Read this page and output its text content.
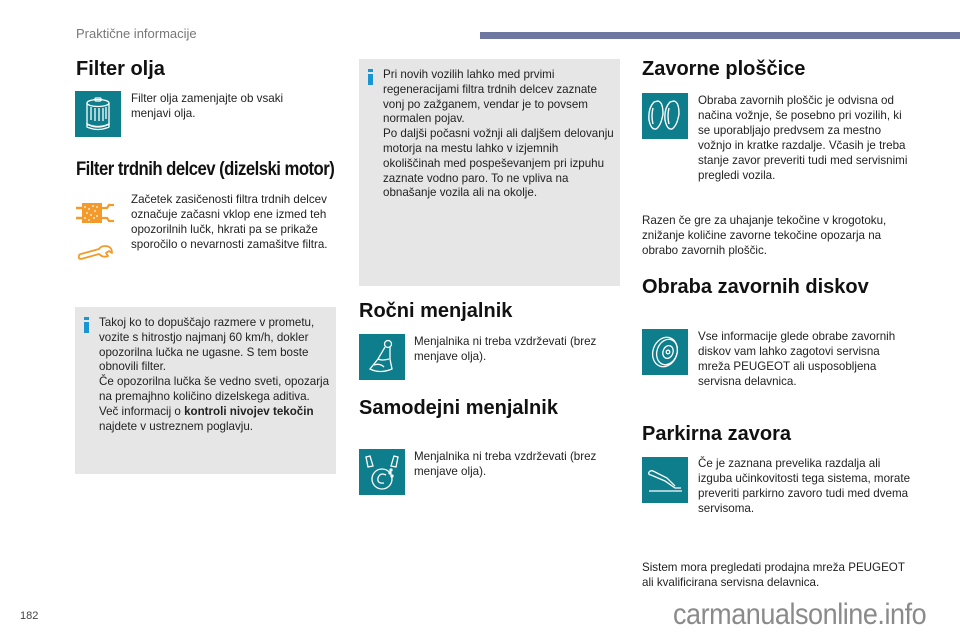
Praktične informacije
Filter olja
Filter olja zamenjajte ob vsaki menjavi olja.
Filter trdnih delcev (dizelski motor)
Začetek zasičenosti filtra trdnih delcev označuje začasni vklop ene izmed teh opozorilnih lučk, hkrati pa se prikaže sporočilo o nevarnosti zamašitve filtra.

Takoj ko to dopuščajo razmere v prometu, vozite s hitrostjo najmanj 60 km/h, dokler opozorilna lučka ne ugasne. S tem boste obnovili filter.

Če opozorilna lučka še vedno sveti, opozarja na premajhno količino dizelskega aditiva.

Več informacij o kontroli nivojev tekočin najdete v ustreznem poglavju.

Pri novih vozilih lahko med prvimi regeneracijami filtra trdnih delcev zaznate vonj po zažganem, vendar je to povsem normalen pojav.

Po daljši počasni vožnji ali daljšem delovanju motorja na mestu lahko v izjemnih okoliščinah med pospeševanjem pri izpuhu zaznate vodno paro. To ne vpliva na obnašanje vozila ali na okolje.

Ročni menjalnik
Menjalnika ni treba vzdrževati (brez menjave olja).
Samodejni menjalnik
Menjalnika ni treba vzdrževati (brez menjave olja).
Zavorne ploščice
Obraba zavornih ploščic je odvisna od načina vožnje, še posebno pri vozilih, ki se uporabljajo predvsem za mestno vožnjo in kratke razdalje. Včasih je treba stanje zavor preveriti tudi med servisnimi pregledi vozila.
Razen če gre za uhajanje tekočine v krogotoku, znižanje količine zavorne tekočine opozarja na obrabo zavornih ploščic.
Obraba zavornih diskov
Vse informacije glede obrabe zavornih diskov vam lahko zagotovi servisna mreža PEUGEOT ali usposobljena servisna delavnica.
Parkirna zavora
Če je zaznana prevelika razdalja ali izguba učinkovitosti tega sistema, morate preveriti parkirno zavoro tudi med dvema servisoma.
Sistem mora pregledati prodajna mreža PEUGEOT ali kvalificirana servisna delavnica.
182	carmanualsonline.info
